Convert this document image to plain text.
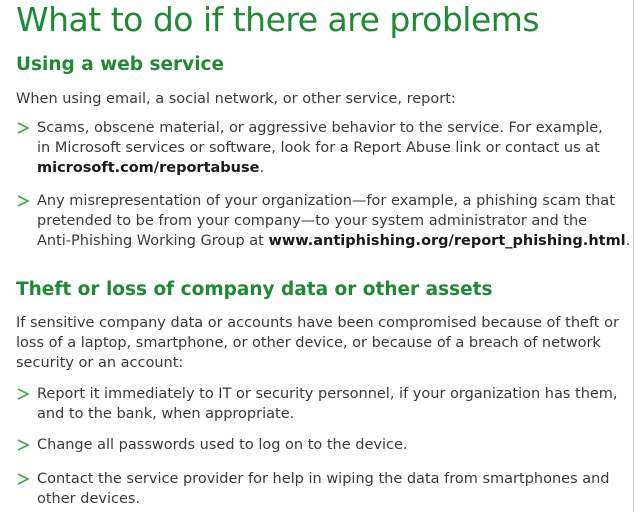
What to do if there are problems
Using a web service

When using email, a social network, or other service, report:

Scams, obscene material, or aggressive behavior to the service. For example,
in Microsoft services or software, look for a Report Abuse link or contact us at
microsoft.com/reportabuse.
Any misrepresentation of your organization—for example, a phishing scam that
pretended to be from your company—to your system administrator and the
Anti-Phishing Working Group at www.antiphishing.org/report_phishing.html.
Theft or loss of company data or other assets

If sensitive company data or accounts have been compromised because of theft or
loss of a laptop, smartphone, or other device, or because of a breach of network
security or an account:

Report it immediately to IT or security personnel, if your organization has them,
and to the bank, when appropriate.
Change all passwords used to log on to the device.
Contact the service provider for help in wiping the data from smartphones and
other devices.
